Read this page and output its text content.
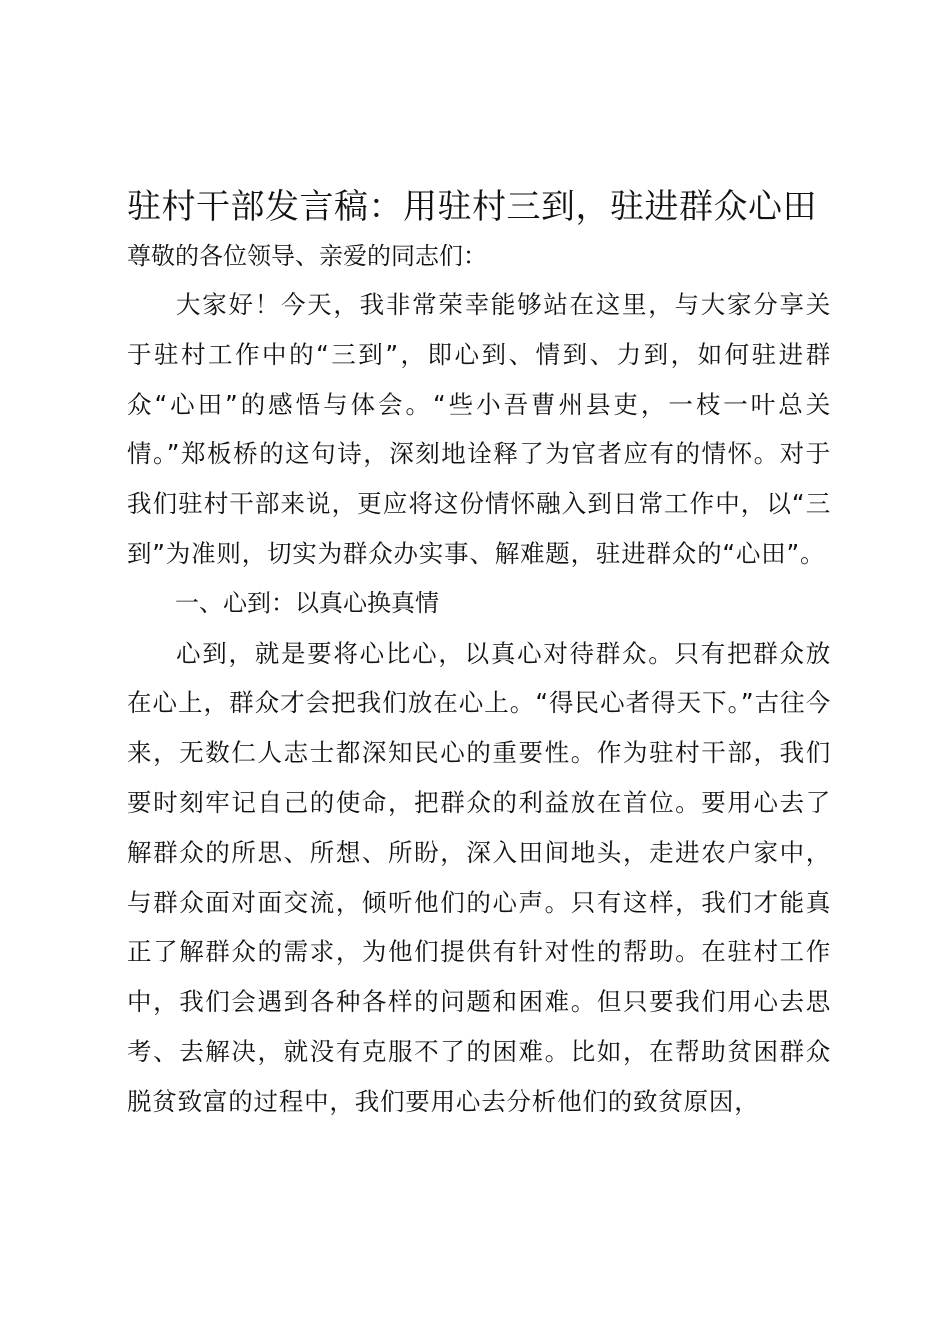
驻村干部发言稿：用驻村三到，驻进群众心田

尊敬的各位领导、亲爱的同志们：

大家好！今天，我非常荣幸能够站在这里，与大家分享关于驻村工作中的“三到”，即心到、情到、力到，如何驻进群众“心田”的感悟与体会。“些小吾曹州县吏，一枝一叶总关情。”郑板桥的这句诗，深刻地诠释了为官者应有的情怀。对于我们驻村干部来说，更应将这份情怀融入到日常工作中，以“三到”为准则，切实为群众办实事、解难题，驻进群众的“心田”。

一、心到：以真心换真情

心到，就是要将心比心，以真心对待群众。只有把群众放在心上，群众才会把我们放在心上。“得民心者得天下。”古往今来，无数仁人志士都深知民心的重要性。作为驻村干部，我们要时刻牢记自己的使命，把群众的利益放在首位。要用心去了解群众的所思、所想、所盼，深入田间地头，走进农户家中，与群众面对面交流，倾听他们的心声。只有这样，我们才能真正了解群众的需求，为他们提供有针对性的帮助。在驻村工作中，我们会遇到各种各样的问题和困难。但只要我们用心去思考、去解决，就没有克服不了的困难。比如，在帮助贫困群众脱贫致富的过程中，我们要用心去分析他们的致贫原因，
